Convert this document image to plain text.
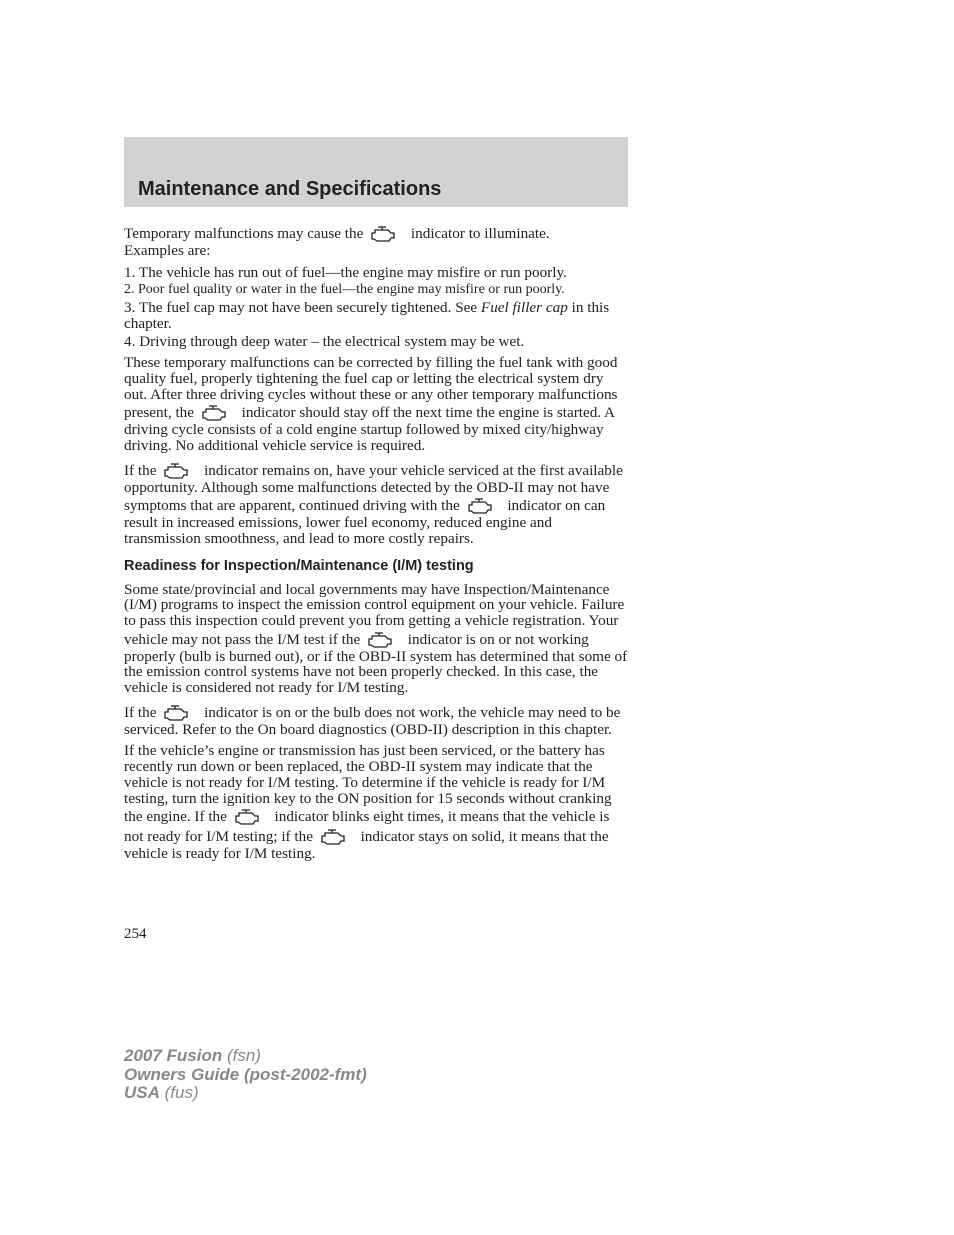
Maintenance and Specifications

Temporary malfunctions may cause the	indicator to illuminate.
Examples are:

1. The vehicle has run out of fuel—the engine may misfire or run poorly.

2. Poor fuel quality or water in the fuel—the engine may misfire or run poorly.

3. The fuel cap may not have been securely tightened. See Fuel filler cap in this chapter.

4. Driving through deep water – the electrical system may be wet.

These temporary malfunctions can be corrected by filling the fuel tank with good quality fuel, properly tightening the fuel cap or letting the electrical system dry out. After three driving cycles without these or any other temporary malfunctions present, the	indicator should stay off the next time the engine is started. A driving cycle consists of a cold engine startup followed by mixed city/highway driving. No additional vehicle service is required.

If the	indicator remains on, have your vehicle serviced at the first available opportunity. Although some malfunctions detected by the OBD-II may not have symptoms that are apparent, continued driving with the	indicator on can result in increased emissions, lower fuel economy, reduced engine and transmission smoothness, and lead to more costly repairs.

Readiness for Inspection/Maintenance (I/M) testing

Some state/provincial and local governments may have Inspection/Maintenance (I/M) programs to inspect the emission control equipment on your vehicle. Failure to pass this inspection could prevent you from getting a vehicle registration. Your vehicle may not pass the I/M test if the	indicator is on or not working properly (bulb is burned out), or if the OBD-II system has determined that some of the emission control systems have not been properly checked. In this case, the vehicle is considered not ready for I/M testing.

If the	indicator is on or the bulb does not work, the vehicle may need to be serviced. Refer to the On board diagnostics (OBD-II) description in this chapter.

If the vehicle’s engine or transmission has just been serviced, or the battery has recently run down or been replaced, the OBD-II system may indicate that the vehicle is not ready for I/M testing. To determine if the vehicle is ready for I/M testing, turn the ignition key to the ON position for 15 seconds without cranking the engine. If the	indicator blinks eight times, it means that the vehicle is not ready for I/M testing; if the	indicator stays on solid, it means that the vehicle is ready for I/M testing.

254
2007 Fusion (fsn)
Owners Guide (post-2002-fmt)
USA (fus)
